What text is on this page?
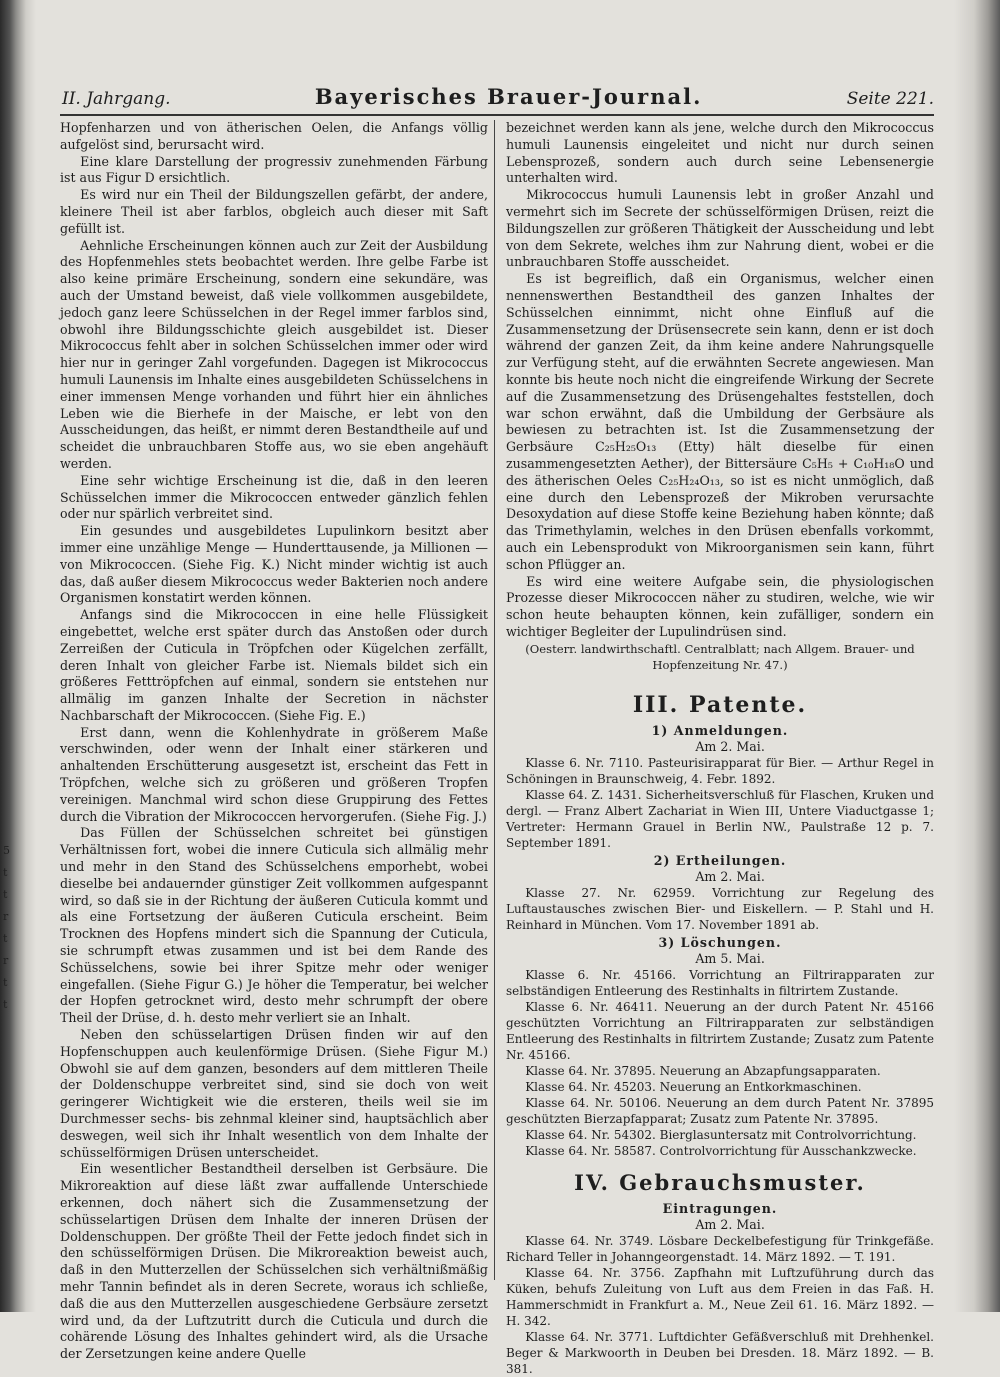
5
t
t
r
t
r
t
t
II. Jahrgang.	Bayerisches Brauer-Journal.	Seite 221.

Hopfenharzen und von ätherischen Oelen, die Anfangs völlig aufgelöst sind, berursacht wird.

Eine klare Darstellung der progressiv zunehmenden Färbung ist aus Figur D ersichtlich.

Es wird nur ein Theil der Bildungszellen gefärbt, der andere, kleinere Theil ist aber farblos, obgleich auch dieser mit Saft gefüllt ist.

Aehnliche Erscheinungen können auch zur Zeit der Ausbildung des Hopfenmehles stets beobachtet werden. Ihre gelbe Farbe ist also keine primäre Erscheinung, sondern eine sekundäre, was auch der Umstand beweist, daß viele vollkommen ausgebildete, jedoch ganz leere Schüsselchen in der Regel immer farblos sind, obwohl ihre Bildungsschichte gleich ausgebildet ist. Dieser Mikrococcus fehlt aber in solchen Schüsselchen immer oder wird hier nur in geringer Zahl vorgefunden. Dagegen ist Mikrococcus humuli Launensis im Inhalte eines ausgebildeten Schüsselchens in einer immensen Menge vorhanden und führt hier ein ähnliches Leben wie die Bierhefe in der Maische, er lebt von den Ausscheidungen, das heißt, er nimmt deren Bestandtheile auf und scheidet die unbrauchbaren Stoffe aus, wo sie eben angehäuft werden.

Eine sehr wichtige Erscheinung ist die, daß in den leeren Schüsselchen immer die Mikrococcen entweder gänzlich fehlen oder nur spärlich verbreitet sind.

Ein gesundes und ausgebildetes Lupulinkorn besitzt aber immer eine unzählige Menge — Hunderttausende, ja Millionen — von Mikrococcen. (Siehe Fig. K.) Nicht minder wichtig ist auch das, daß außer diesem Mikrococcus weder Bakterien noch andere Organismen konstatirt werden können.

Anfangs sind die Mikrococcen in eine helle Flüssigkeit eingebettet, welche erst später durch das Anstoßen oder durch Zerreißen der Cuticula in Tröpfchen oder Kügelchen zerfällt, deren Inhalt von gleicher Farbe ist. Niemals bildet sich ein größeres Fetttröpfchen auf einmal, sondern sie entstehen nur allmälig im ganzen Inhalte der Secretion in nächster Nachbarschaft der Mikrococcen. (Siehe Fig. E.)

Erst dann, wenn die Kohlenhydrate in größerem Maße verschwinden, oder wenn der Inhalt einer stärkeren und anhaltenden Erschütterung ausgesetzt ist, erscheint das Fett in Tröpfchen, welche sich zu größeren und größeren Tropfen vereinigen. Manchmal wird schon diese Gruppirung des Fettes durch die Vibration der Mikrococcen hervorgerufen. (Siehe Fig. J.)

Das Füllen der Schüsselchen schreitet bei günstigen Verhältnissen fort, wobei die innere Cuticula sich allmälig mehr und mehr in den Stand des Schüsselchens emporhebt, wobei dieselbe bei andauernder günstiger Zeit vollkommen aufgespannt wird, so daß sie in der Richtung der äußeren Cuticula kommt und als eine Fortsetzung der äußeren Cuticula erscheint. Beim Trocknen des Hopfens mindert sich die Spannung der Cuticula, sie schrumpft etwas zusammen und ist bei dem Rande des Schüsselchens, sowie bei ihrer Spitze mehr oder weniger eingefallen. (Siehe Figur G.) Je höher die Temperatur, bei welcher der Hopfen getrocknet wird, desto mehr schrumpft der obere Theil der Drüse, d. h. desto mehr verliert sie an Inhalt.

Neben den schüsselartigen Drüsen finden wir auf den Hopfenschuppen auch keulenförmige Drüsen. (Siehe Figur M.) Obwohl sie auf dem ganzen, besonders auf dem mittleren Theile der Doldenschuppe verbreitet sind, sind sie doch von weit geringerer Wichtigkeit wie die ersteren, theils weil sie im Durchmesser sechs- bis zehnmal kleiner sind, hauptsächlich aber deswegen, weil sich ihr Inhalt wesentlich von dem Inhalte der schüsselförmigen Drüsen unterscheidet.

Ein wesentlicher Bestandtheil derselben ist Gerbsäure. Die Mikroreaktion auf diese läßt zwar auffallende Unterschiede erkennen, doch nähert sich die Zusammensetzung der schüsselartigen Drüsen dem Inhalte der inneren Drüsen der Doldenschuppen. Der größte Theil der Fette jedoch findet sich in den schüsselförmigen Drüsen. Die Mikroreaktion beweist auch, daß in den Mutterzellen der Schüsselchen sich verhältnißmäßig mehr Tannin befindet als in deren Secrete, woraus ich schließe, daß die aus den Mutterzellen ausgeschiedene Gerbsäure zersetzt wird und, da der Luftzutritt durch die Cuticula und durch die cohärende Lösung des Inhaltes gehindert wird, als die Ursache der Zersetzungen keine andere Quelle

bezeichnet werden kann als jene, welche durch den Mikrococcus humuli Launensis eingeleitet und nicht nur durch seinen Lebensprozeß, sondern auch durch seine Lebensenergie unterhalten wird.

Mikrococcus humuli Launensis lebt in großer Anzahl und vermehrt sich im Secrete der schüsselförmigen Drüsen, reizt die Bildungszellen zur größeren Thätigkeit der Ausscheidung und lebt von dem Sekrete, welches ihm zur Nahrung dient, wobei er die unbrauchbaren Stoffe ausscheidet.

Es ist begreiflich, daß ein Organismus, welcher einen nennenswerthen Bestandtheil des ganzen Inhaltes der Schüsselchen einnimmt, nicht ohne Einfluß auf die Zusammensetzung der Drüsensecrete sein kann, denn er ist doch während der ganzen Zeit, da ihm keine andere Nahrungsquelle zur Verfügung steht, auf die erwähnten Secrete angewiesen. Man konnte bis heute noch nicht die eingreifende Wirkung der Secrete auf die Zusammensetzung des Drüsengehaltes feststellen, doch war schon erwähnt, daß die Umbildung der Gerbsäure als bewiesen zu betrachten ist. Ist die Zusammensetzung der Gerbsäure C₂₅H₂₅O₁₃ (Etty) hält dieselbe für einen zusammengesetzten Aether), der Bittersäure C₅H₅ + C₁₀H₁₈O und des ätherischen Oeles C₂₅H₂₄O₁₃, so ist es nicht unmöglich, daß eine durch den Lebensprozeß der Mikroben verursachte Desoxydation auf diese Stoffe keine Beziehung haben könnte; daß das Trimethylamin, welches in den Drüsen ebenfalls vorkommt, auch ein Lebensprodukt von Mikroorganismen sein kann, führt schon Pflügger an.

Es wird eine weitere Aufgabe sein, die physiologischen Prozesse dieser Mikrococcen näher zu studiren, welche, wie wir schon heute behaupten können, kein zufälliger, sondern ein wichtiger Begleiter der Lupulindrüsen sind.

(Oesterr. landwirthschaftl. Centralblatt; nach Allgem. Brauer- und Hopfenzeitung Nr. 47.)

III. Patente.
1) Anmeldungen.

Am 2. Mai.

Klasse 6. Nr. 7110. Pasteurisirapparat für Bier. — Arthur Regel in Schöningen in Braunschweig, 4. Febr. 1892.

Klasse 64. Z. 1431. Sicherheitsverschluß für Flaschen, Kruken und dergl. — Franz Albert Zachariat in Wien III, Untere Viaductgasse 1; Vertreter: Hermann Grauel in Berlin NW., Paulstraße 12 p. 7. September 1891.

2) Ertheilungen.

Am 2. Mai.

Klasse 27. Nr. 62959. Vorrichtung zur Regelung des Luftaustausches zwischen Bier- und Eiskellern. — P. Stahl und H. Reinhard in München. Vom 17. November 1891 ab.

3) Löschungen.

Am 5. Mai.

Klasse 6. Nr. 45166. Vorrichtung an Filtrirapparaten zur selbständigen Entleerung des Restinhalts in filtrirtem Zustande.

Klasse 6. Nr. 46411. Neuerung an der durch Patent Nr. 45166 geschützten Vorrichtung an Filtrirapparaten zur selbständigen Entleerung des Restinhalts in filtrirtem Zustande; Zusatz zum Patente Nr. 45166.

Klasse 64. Nr. 37895. Neuerung an Abzapfungsapparaten.

Klasse 64. Nr. 45203. Neuerung an Entkorkmaschinen.

Klasse 64. Nr. 50106. Neuerung an dem durch Patent Nr. 37895 geschützten Bierzapfapparat; Zusatz zum Patente Nr. 37895.

Klasse 64. Nr. 54302. Bierglasuntersatz mit Controlvorrichtung.

Klasse 64. Nr. 58587. Controlvorrichtung für Ausschankzwecke.

IV. Gebrauchsmuster.
Eintragungen.

Am 2. Mai.

Klasse 64. Nr. 3749. Lösbare Deckelbefestigung für Trinkgefäße. Richard Teller in Johanngeorgenstadt. 14. März 1892. — T. 191.

Klasse 64. Nr. 3756. Zapfhahn mit Luftzuführung durch das Küken, behufs Zuleitung von Luft aus dem Freien in das Faß. H. Hammerschmidt in Frankfurt a. M., Neue Zeil 61. 16. März 1892. — H. 342.

Klasse 64. Nr. 3771. Luftdichter Gefäßverschluß mit Drehhenkel. Beger & Markwoorth in Deuben bei Dresden. 18. März 1892. — B. 381.
